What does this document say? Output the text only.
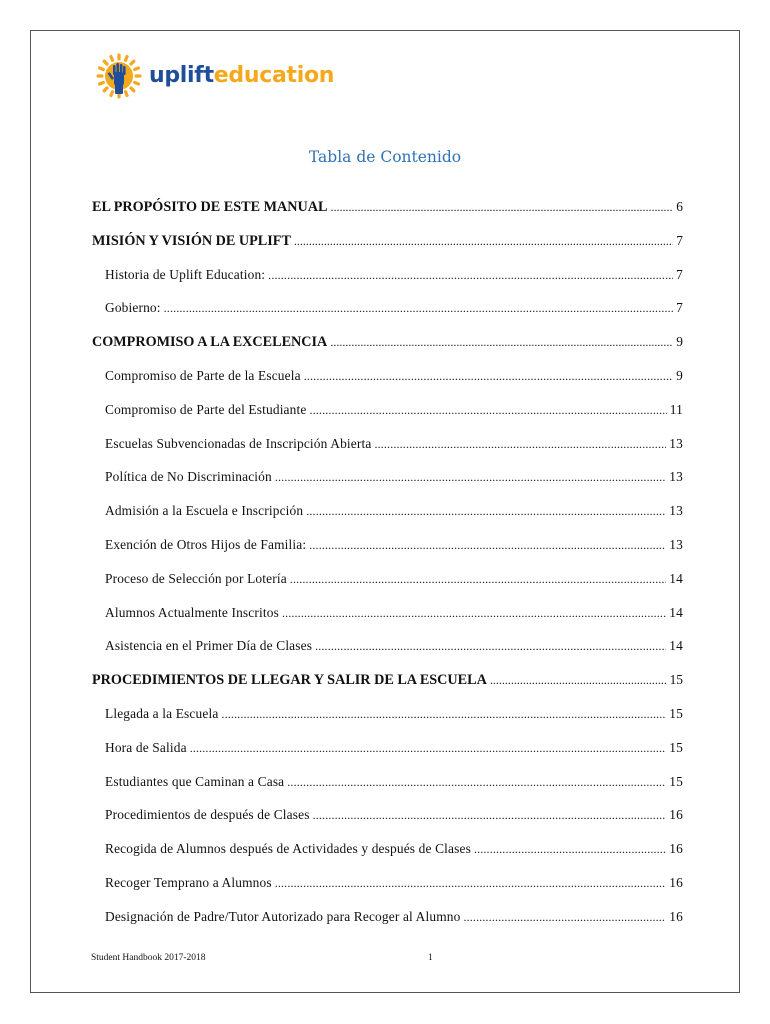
uplifteducation
Tabla de Contenido
EL PROPÓSITO DE ESTE MANUAL .....	6
MISIÓN Y VISIÓN DE UPLIFT .....	7
Historia de Uplift Education: .....	7
Gobierno: .....	7
COMPROMISO A LA EXCELENCIA .....	9
Compromiso de Parte de la Escuela .....	9
Compromiso de Parte del Estudiante .....	11
Escuelas Subvencionadas de Inscripción Abierta .....	13
Política de No Discriminación .....	13
Admisión a la Escuela e Inscripción .....	13
Exención de Otros Hijos de Familia: .....	13
Proceso de Selección por Lotería .....	14
Alumnos Actualmente Inscritos .....	14
Asistencia en el Primer Día de Clases .....	14
PROCEDIMIENTOS DE LLEGAR Y SALIR DE LA ESCUELA .....	15
Llegada a la Escuela .....	15
Hora de Salida .....	15
Estudiantes que Caminan a Casa .....	15
Procedimientos de después de Clases .....	16
Recogida de Alumnos después de Actividades y después de Clases .....	16
Recoger Temprano a Alumnos .....	16
Designación de Padre/Tutor Autorizado para Recoger al Alumno .....	16
Student Handbook 2017-2018	1
